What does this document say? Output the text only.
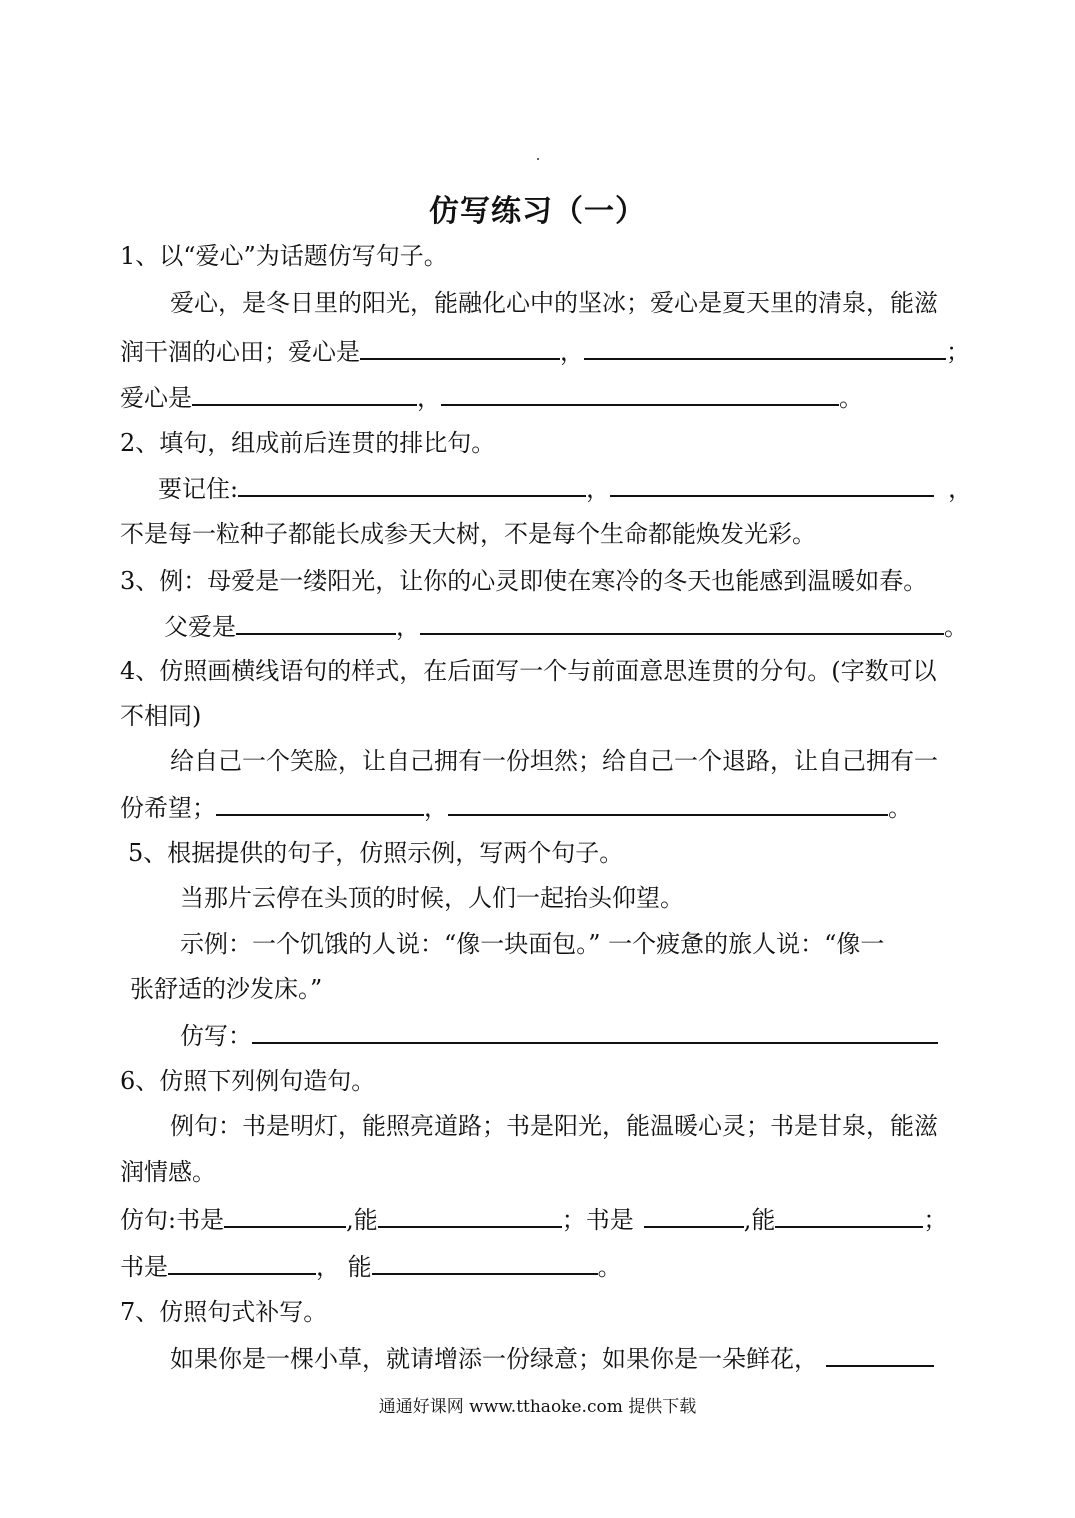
仿写练习（一）
1、以“爱心”为话题仿写句子。
爱心，是冬日里的阳光，能融化心中的坚冰；爱心是夏天里的清泉，能滋
润干涸的心田；爱心是	，	；
爱心是	，	。
2、填句，组成前后连贯的排比句。
要记住:	，	，
不是每一粒种子都能长成参天大树，不是每个生命都能焕发光彩。
3、例：母爱是一缕阳光，让你的心灵即使在寒冷的冬天也能感到温暖如春。
父爱是	，	。
4、仿照画横线语句的样式，在后面写一个与前面意思连贯的分句。(字数可以
不相同)
给自己一个笑脸，让自己拥有一份坦然；给自己一个退路，让自己拥有一
份希望；	，	。
5、根据提供的句子，仿照示例，写两个句子。
当那片云停在头顶的时候，人们一起抬头仰望。
示例：一个饥饿的人说：“像一块面包。” 一个疲惫的旅人说：“像一
张舒适的沙发床。”
仿写：
6、仿照下列例句造句。
例句：书是明灯，能照亮道路；书是阳光，能温暖心灵；书是甘泉，能滋
润情感。
仿句:书是	,能	；书是	,能	；
书是	， 能	。
7、仿照句式补写。
如果你是一棵小草，就请增添一份绿意；如果你是一朵鲜花，
通通好课网 www.tthaoke.com 提供下载
